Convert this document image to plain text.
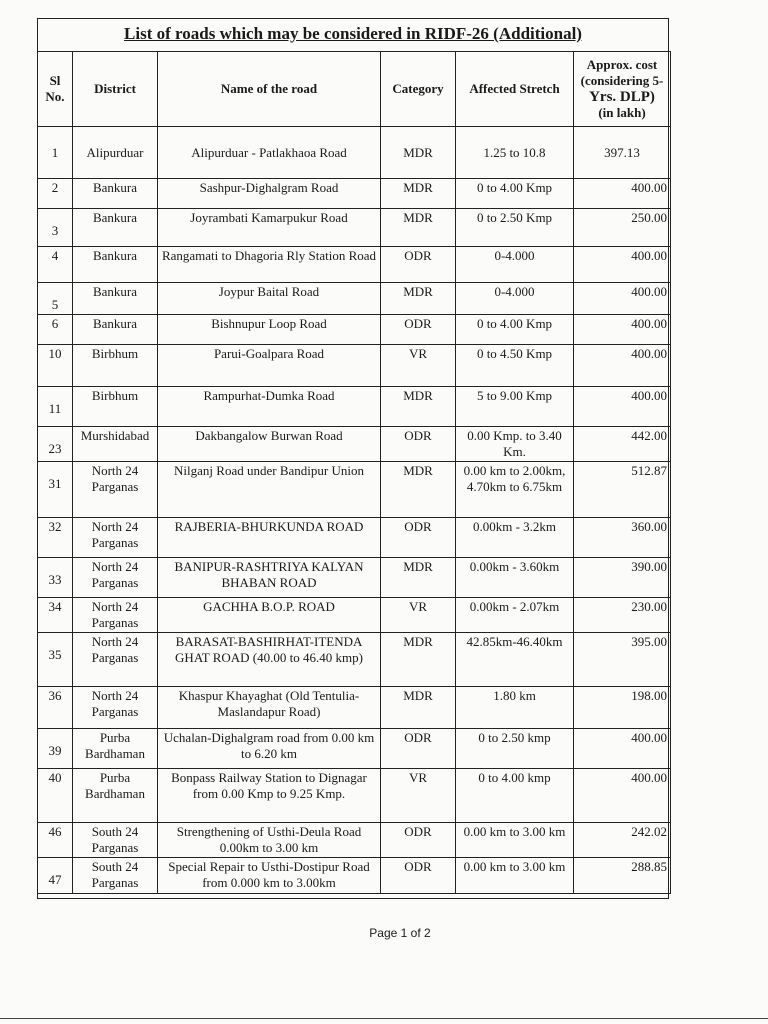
List of roads which may be considered in RIDF-26 (Additional)
Sl No.	District	Name of the road	Category	Affected Stretch	Approx. cost (considering 5-
Yrs. DLP)
(in lakh)

1	Alipurduar	Alipurduar - Patlakhaoa Road	MDR	1.25 to 10.8	397.13
2	Bankura	Sashpur-Dighalgram Road	MDR	0 to 4.00 Kmp	400.00
3	Bankura	Joyrambati Kamarpukur Road	MDR	0 to 2.50 Kmp	250.00
4	Bankura	Rangamati to Dhagoria Rly Station Road	ODR	0-4.000	400.00
5	Bankura	Joypur Baital Road	MDR	0-4.000	400.00
6	Bankura	Bishnupur Loop Road	ODR	0 to 4.00 Kmp	400.00
10	Birbhum	Parui-Goalpara Road	VR	0 to 4.50 Kmp	400.00
11	Birbhum	Rampurhat-Dumka Road	MDR	5 to 9.00 Kmp	400.00
23	Murshidabad	Dakbangalow Burwan Road	ODR	0.00 Kmp. to 3.40 Km.	442.00
31	North 24 Parganas	Nilganj Road under Bandipur Union	MDR	0.00 km to 2.00km, 4.70km to 6.75km	512.87
32	North 24 Parganas	RAJBERIA-BHURKUNDA ROAD	ODR	0.00km - 3.2km	360.00
33	North 24 Parganas	BANIPUR-RASHTRIYA KALYAN BHABAN ROAD	MDR	0.00km - 3.60km	390.00
34	North 24 Parganas	GACHHA B.O.P. ROAD	VR	0.00km - 2.07km	230.00
35	North 24 Parganas	BARASAT-BASHIRHAT-ITENDA GHAT ROAD (40.00 to 46.40 kmp)	MDR	42.85km-46.40km	395.00
36	North 24 Parganas	Khaspur Khayaghat (Old Tentulia-Maslandapur Road)	MDR	1.80 km	198.00
39	Purba Bardhaman	Uchalan-Dighalgram road from 0.00 km to 6.20 km	ODR	0 to 2.50 kmp	400.00
40	Purba Bardhaman	Bonpass Railway Station to Dignagar from 0.00 Kmp to 9.25 Kmp.	VR	0 to 4.00 kmp	400.00
46	South 24 Parganas	Strengthening of Usthi-Deula Road 0.00km to 3.00 km	ODR	0.00 km to 3.00 km	242.02
47	South 24 Parganas	Special Repair to Usthi-Dostipur Road from 0.000 km to 3.00km	ODR	0.00 km to 3.00 km	288.85
Page 1 of 2
